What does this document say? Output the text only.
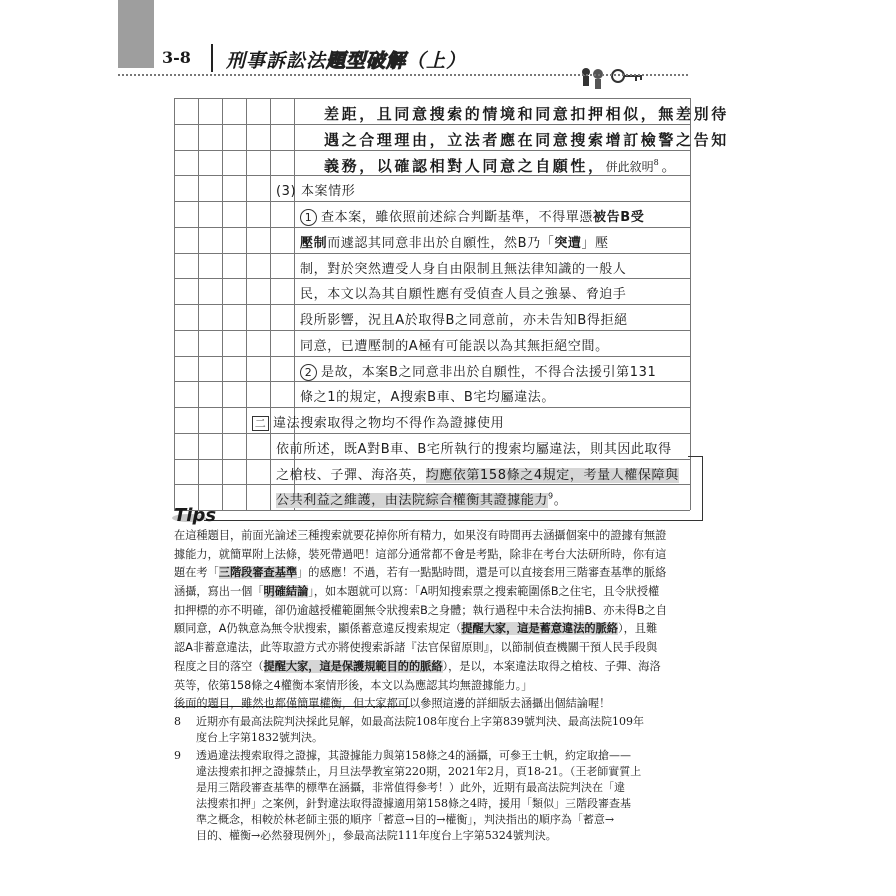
3-8 刑事訴訟法題型破解（上）
差距，且同意搜索的情境和同意扣押相似，無差別待
遇之合理理由，立法者應在同意搜索增訂檢警之告知
義務，以確認相對人同意之自願性，併此敘明$^8$。
(3) 本案情形
1 查本案，雖依照前述綜合判斷基準，不得單憑被告B受
壓制而遽認其同意非出於自願性，然B乃「突遭」壓
制，對於突然遭受人身自由限制且無法律知識的一般人
民，本文以為其自願性應有受偵查人員之強暴、脅迫手
段所影響，況且A於取得B之同意前，亦未告知B得拒絕
同意，已遭壓制的A極有可能誤以為其無拒絕空間。
2 是故，本案B之同意非出於自願性，不得合法援引第131
條之1的規定，A搜索B車、B宅均屬違法。
二 違法搜索取得之物均不得作為證據使用
依前所述，既A對B車、B宅所執行的搜索均屬違法，則其因此取得
之槍枝、子彈、海洛英，均應依第158條之4規定，考量人權保障與
公共利益之維護，由法院綜合權衡其證據能力$^9$。
Tips
在這種題目，前面光論述三種搜索就要花掉你所有精力，如果沒有時間再去涵攝個案中的證據有無證
據能力，就簡單附上法條，裝死帶過吧！這部分通常都不會是考點，除非在考台大法研所時，你有這
題在考「三階段審查基準」的感應！不過，若有一點點時間，還是可以直接套用三階審查基準的脈絡
涵攝，寫出一個「明確結論」，如本題就可以寫：「A明知搜索票之搜索範圍係B之住宅，且令狀授權
扣押標的亦不明確，卻仍逾越授權範圍無令狀搜索B之身體；執行過程中未合法拘捕B、亦未得B之自
願同意，A仍執意為無令狀搜索，顯係蓄意違反搜索規定（提醒大家，這是蓄意違法的脈絡），且難
認A非蓄意違法，此等取證方式亦將使搜索訴諸『法官保留原則』，以節制偵查機關干預人民手段與
程度之目的落空（提醒大家，這是保護規範目的的脈絡），是以，本案違法取得之槍枝、子彈、海洛
英等，依第158條之4權衡本案情形後，本文以為應認其均無證據能力。」
後面的題目，雖然也都僅簡單權衡，但大家都可以參照這邊的詳細版去涵攝出個結論喔！
8 近期亦有最高法院判決採此見解，如最高法院108年度台上字第839號判決、最高法院109年
度台上字第1832號判決。
9 透過違法搜索取得之證據，其證據能力與第158條之4的涵攝，可參王士帆，約定取搶——
違法搜索扣押之證據禁止，月旦法學教室第220期，2021年2月，頁18-21。（王老師實質上
是用三階段審查基準的標準在涵攝，非常值得參考！）此外，近期有最高法院判決在「違
法搜索扣押」之案例，針對違法取得證據適用第158條之4時，援用「類似」三階段審查基
準之概念，相較於林老師主張的順序「蓄意→目的→權衡」，判決指出的順序為「蓄意→
目的、權衡→必然發現例外」，參最高法院111年度台上字第5324號判決。
